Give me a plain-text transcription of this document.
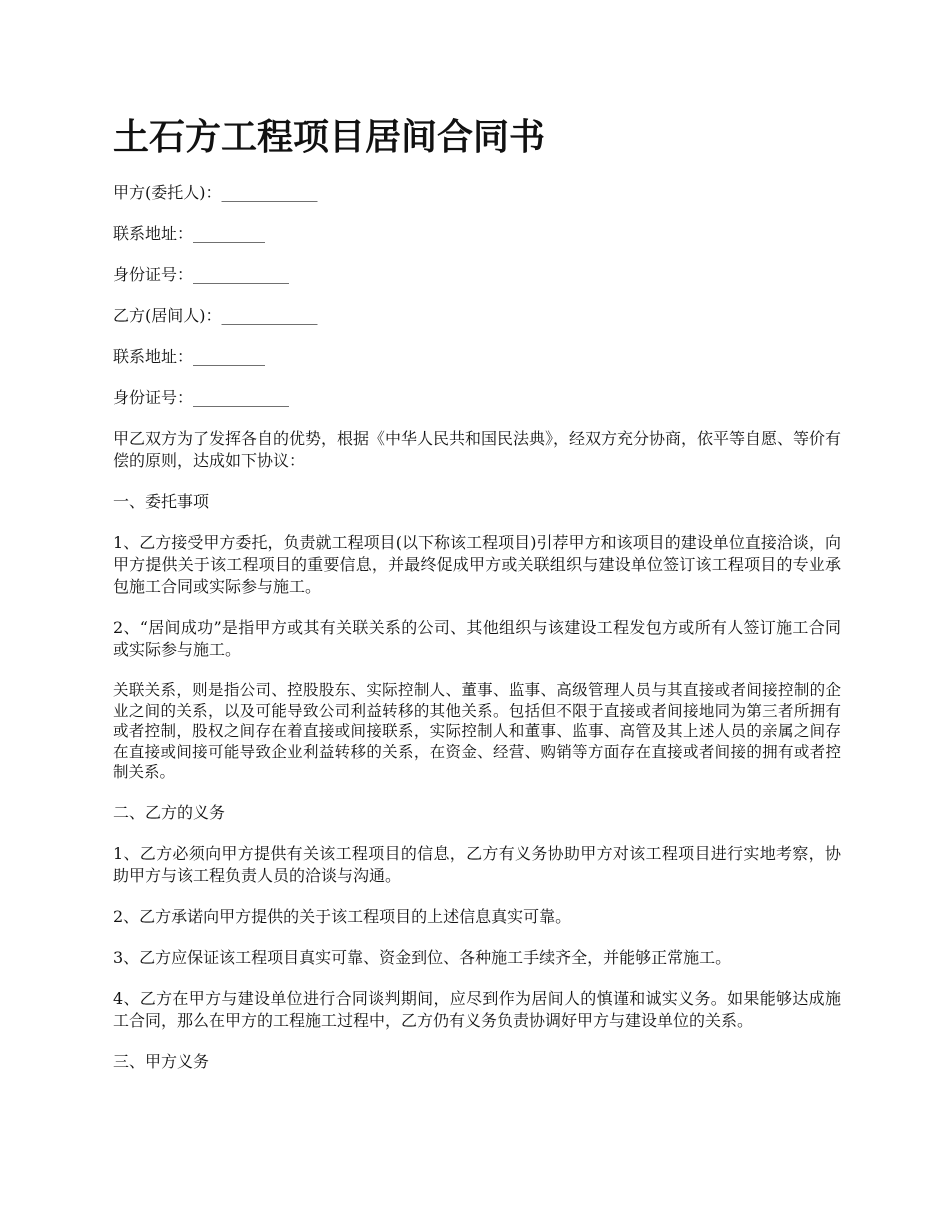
土石方工程项目居间合同书
甲方(委托人)：____________
联系地址：_________
身份证号：____________
乙方(居间人)：____________
联系地址：_________
身份证号：____________

甲乙双方为了发挥各自的优势，根据《中华人民共和国民法典》，经双方充分协商，依平等自愿、等价有偿的原则，达成如下协议：

一、委托事项

1、乙方接受甲方委托，负责就工程项目(以下称该工程项目)引荐甲方和该项目的建设单位直接洽谈，向甲方提供关于该工程项目的重要信息，并最终促成甲方或关联组织与建设单位签订该工程项目的专业承包施工合同或实际参与施工。

2、“居间成功”是指甲方或其有关联关系的公司、其他组织与该建设工程发包方或所有人签订施工合同或实际参与施工。

关联关系，则是指公司、控股股东、实际控制人、董事、监事、高级管理人员与其直接或者间接控制的企业之间的关系，以及可能导致公司利益转移的其他关系。包括但不限于直接或者间接地同为第三者所拥有或者控制，股权之间存在着直接或间接联系，实际控制人和董事、监事、高管及其上述人员的亲属之间存在直接或间接可能导致企业利益转移的关系，在资金、经营、购销等方面存在直接或者间接的拥有或者控制关系。

二、乙方的义务

1、乙方必须向甲方提供有关该工程项目的信息，乙方有义务协助甲方对该工程项目进行实地考察，协助甲方与该工程负责人员的洽谈与沟通。

2、乙方承诺向甲方提供的关于该工程项目的上述信息真实可靠。

3、乙方应保证该工程项目真实可靠、资金到位、各种施工手续齐全，并能够正常施工。

4、乙方在甲方与建设单位进行合同谈判期间，应尽到作为居间人的慎谨和诚实义务。如果能够达成施工合同，那么在甲方的工程施工过程中，乙方仍有义务负责协调好甲方与建设单位的关系。

三、甲方义务
